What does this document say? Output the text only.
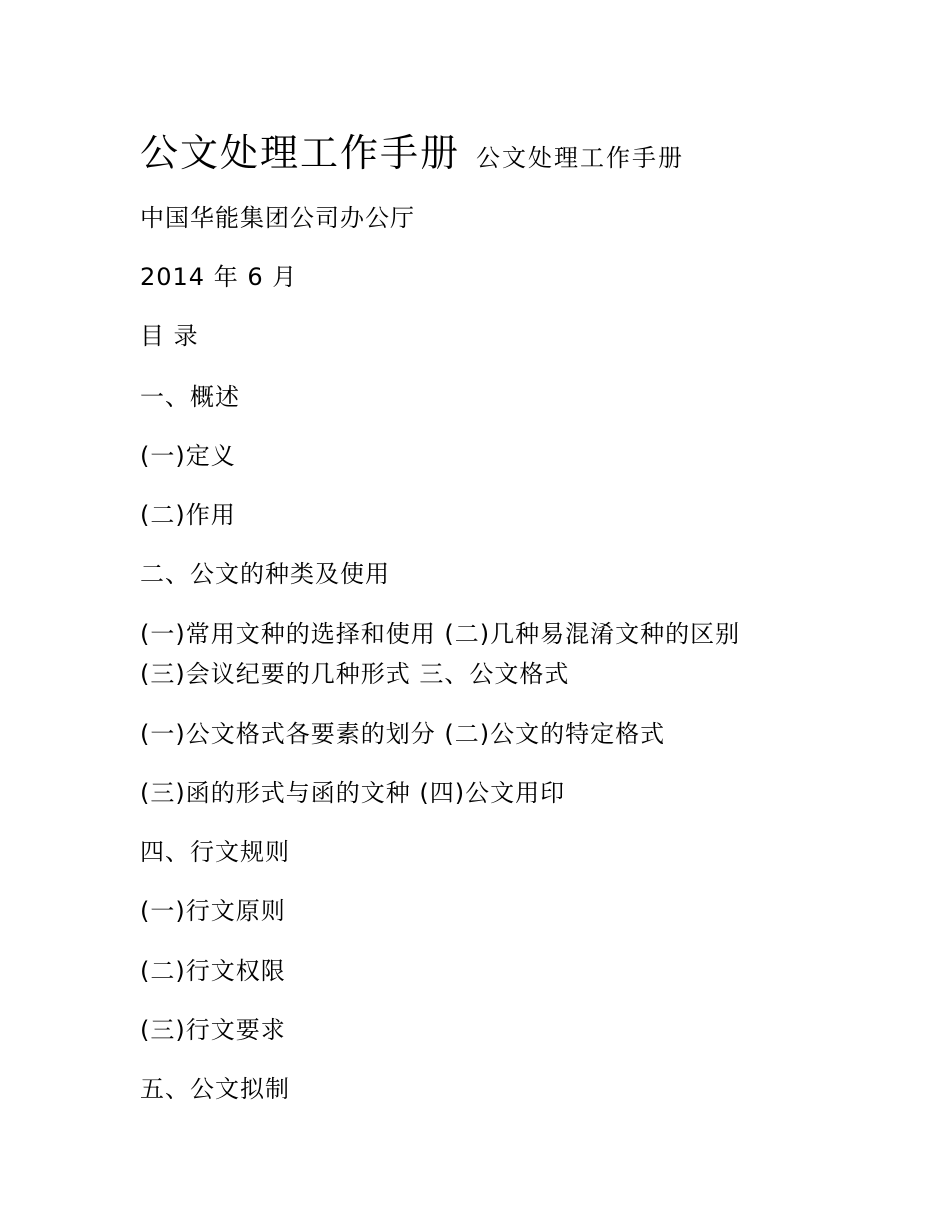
公文处理工作手册 公文处理工作手册
中国华能集团公司办公厅
2014 年 6 月
目 录
一、概述
(一)定义
(二)作用
二、公文的种类及使用
(一)常用文种的选择和使用 (二)几种易混淆文种的区别
(三)会议纪要的几种形式 三、公文格式
(一)公文格式各要素的划分 (二)公文的特定格式
(三)函的形式与函的文种 (四)公文用印
四、行文规则
(一)行文原则
(二)行文权限
(三)行文要求
五、公文拟制
